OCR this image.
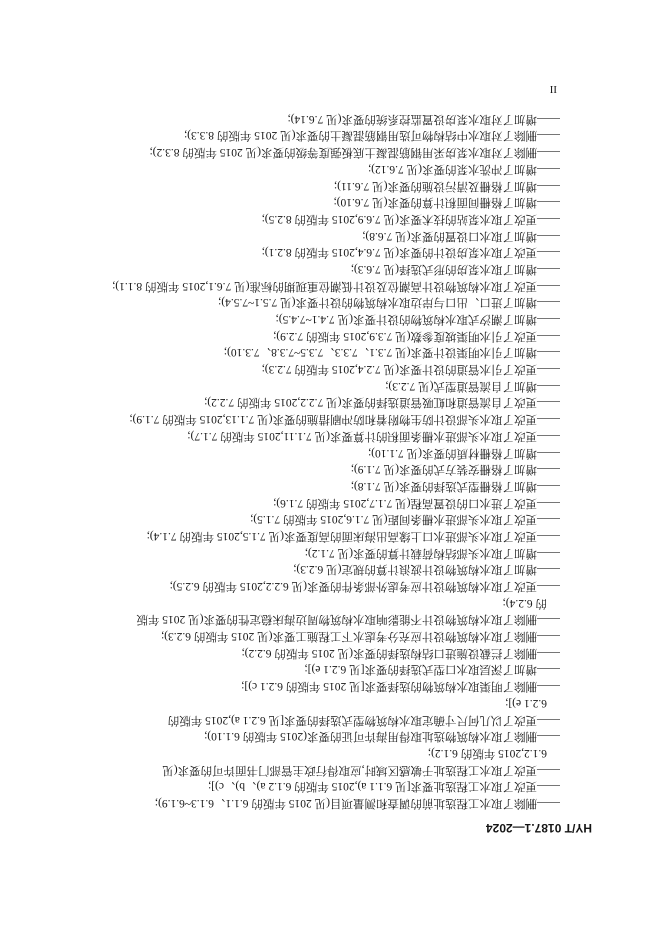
HY/T 0187.1—2024
——删除了取水工程选址前的调查和测量项目(见 2015 年版的 6.1.1、6.1.3~6.1.9);
——更改了取水工程选址要求[见 6.1.1 a),2015 年版的 6.1.2 a)、b)、c)];
——更改了取水工程选址于敏感区域时,应取得行政主管部门书面许可的要求(见
6.1.2,2015 年版的 6.1.2);
——删除了取水构筑物选址取得用海许可证的要求(2015 年版的 6.1.10);
——更改了以几何尺寸确定取水构筑物型式选择的要求[见 6.2.1 a),2015 年版的
6.2.1 e)];
——删除了明渠取水构筑物的选择要求[见 2015 年版的 6.2.1 c)];
——增加了深层取水口型式选择的要求[见 6.2.1 e)];
——删除了拦截设施进口结构选择的要求(见 2015 年版的 6.2.2);
——删除了取水构筑物设计应充分考虑水下工程施工要求(见 2015 年版的 6.2.3);
——删除了取水构筑物设计不能影响取水构筑物周边海床稳定性的要求(见 2015 年版
的 6.2.4);
——更改了取水构筑物设计应考虑外部条件的要求(见 6.2.2,2015 年版的 6.2.5);
——增加了取水构筑物设计波浪计算的规定(见 6.2.3);
——增加了取水头部结构荷载计算的要求(见 7.1.2);
——更改了取水头部进水口上缘高出海床面的高度要求(见 7.1.5,2015 年版的 7.1.4);
——更改了取水头部进水栅条间距(见 7.1.6,2015 年版的 7.1.5);
——更改了进水口的设置高程(见 7.1.7,2015 年版的 7.1.6);
——增加了格栅型式选择的要求(见 7.1.8);
——增加了格栅安装方式的要求(见 7.1.9);
——增加了格栅材质的要求(见 7.1.10);
——更改了取水头部进水栅条面积的计算要求(见 7.1.11,2015 年版的 7.1.7);
——更改了取水头部设计防生物附着和防冲刷措施的要求(见 7.1.13,2015 年版的 7.1.9);
——更改了自流管道和虹吸管道选择的要求(见 7.2.2,2015 年版的 7.2.2);
——增加了自流管道型式(见 7.2.3);
——更改了引水管道的设计要求(见 7.2.4,2015 年版的 7.2.3);
——增加了引水明渠设计要求(见 7.3.1、7.3.3、7.3.5~7.3.8、7.3.10);
——更改了引水明渠坡度参数(见 7.3.9,2015 年版的 7.2.9);
——增加了潮汐式取水构筑物的设计要求(见 7.4.1~7.4.5);
——增加了进口、出口与岸边取水构筑物的设计要求(见 7.5.1~7.5.4);
——更改了取水构筑物设计高潮位及设计低潮位重现期的标准(见 7.6.1,2015 年版的 8.1.1);
——增加了取水泵房的形式选择(见 7.6.3);
——更改了取水泵房设计的要求(见 7.6.4,2015 年版的 8.2.1);
——增加了取水口设置的要求(见 7.6.8);
——更改了取水泵站的技术要求(见 7.6.9,2015 年版的 8.2.5);
——增加了格栅间面积计算的要求(见 7.6.10);
——增加了格栅及清污设施的要求(见 7.6.11);
——增加了冲洗水泵的要求(见 7.6.12);
——删除了对取水泵房采用钢筋混凝土底板强度等级的要求(见 2015 年版的 8.3.2);
——删除了对取水中结构物可选用钢筋混凝土的要求(见 2015 年版的 8.3.3);
——增加了对取水泵房设置监控系统的要求(见 7.6.14);
II
